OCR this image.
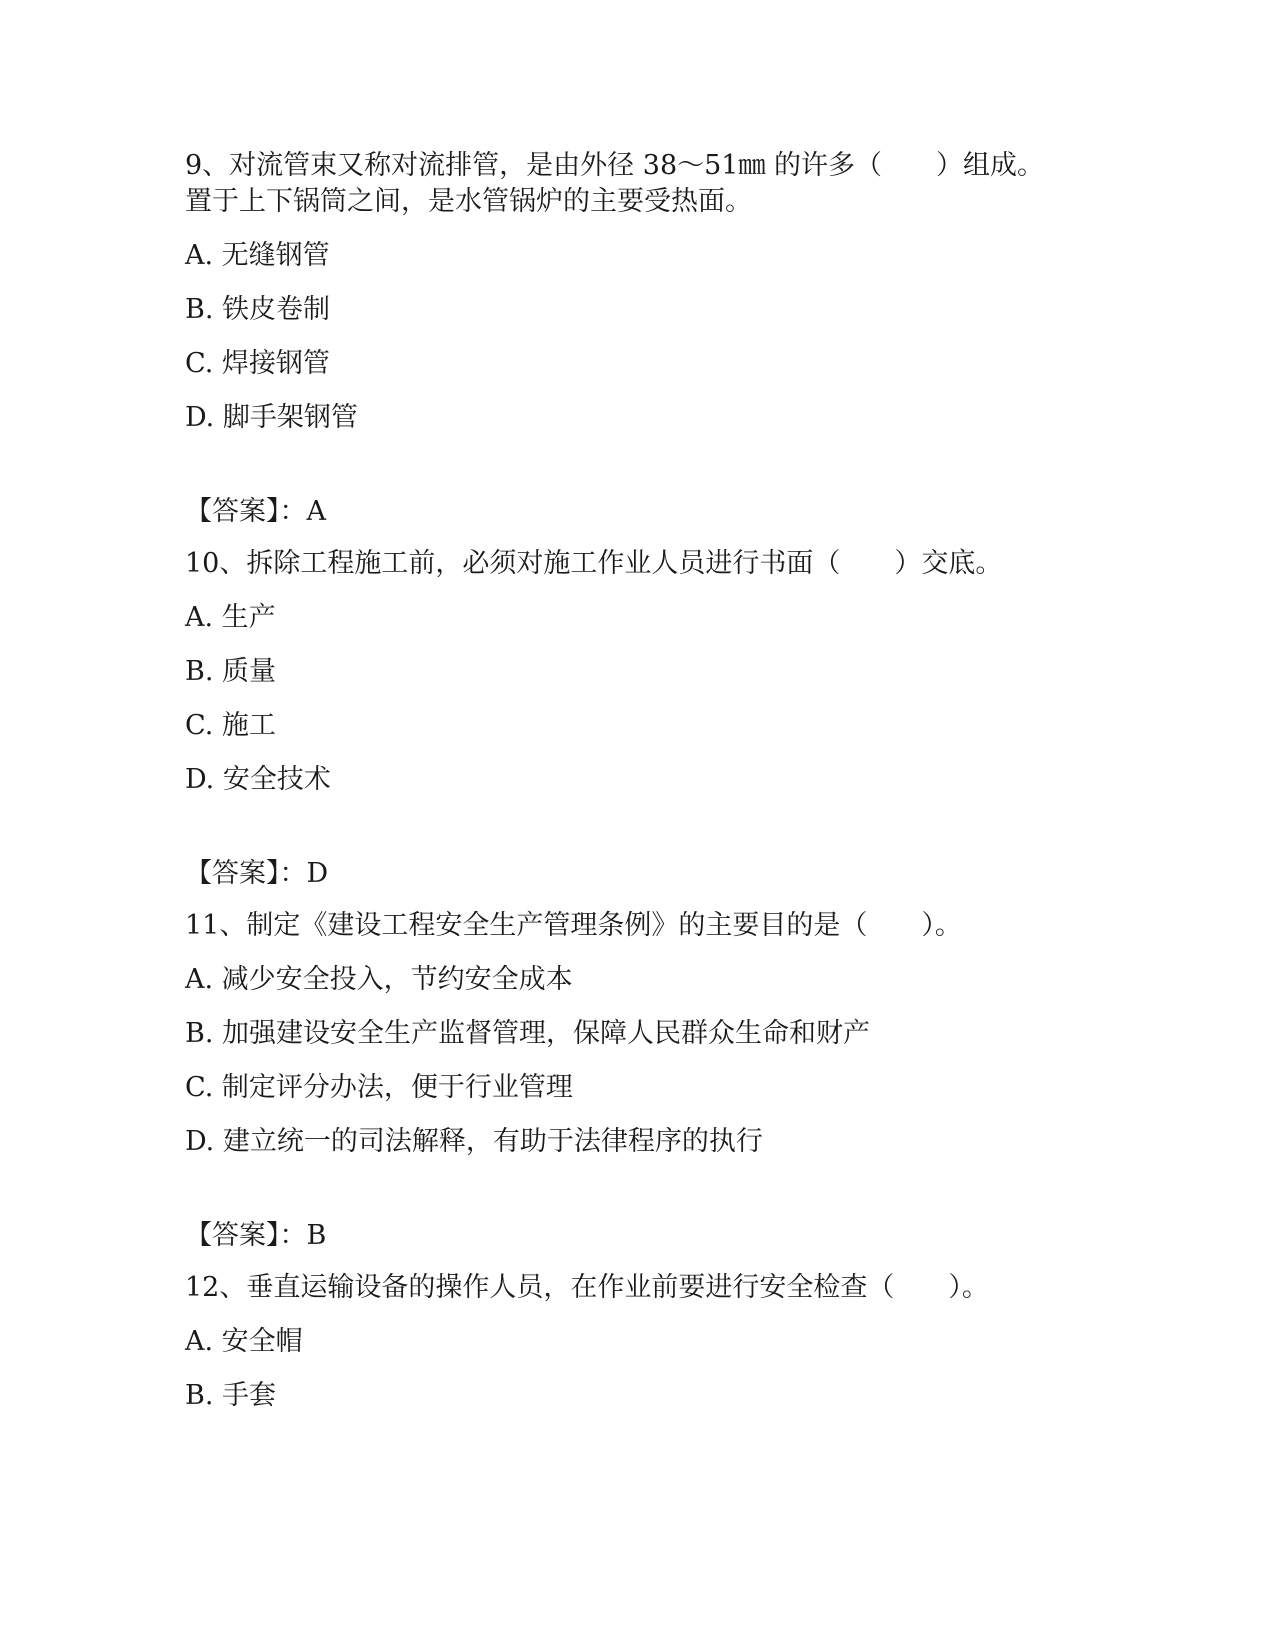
9、对流管束又称对流排管，是由外径 38～51㎜ 的许多（　　）组成。

置于上下锅筒之间，是水管锅炉的主要受热面。

A. 无缝钢管

B. 铁皮卷制

C. 焊接钢管

D. 脚手架钢管

【答案】：A

10、拆除工程施工前，必须对施工作业人员进行书面（　　）交底。

A. 生产

B. 质量

C. 施工

D. 安全技术

【答案】：D

11、制定《建设工程安全生产管理条例》的主要目的是（　　）。

A. 减少安全投入，节约安全成本

B. 加强建设安全生产监督管理，保障人民群众生命和财产

C. 制定评分办法，便于行业管理

D. 建立统一的司法解释，有助于法律程序的执行

【答案】：B

12、垂直运输设备的操作人员，在作业前要进行安全检查（　　）。

A. 安全帽

B. 手套
